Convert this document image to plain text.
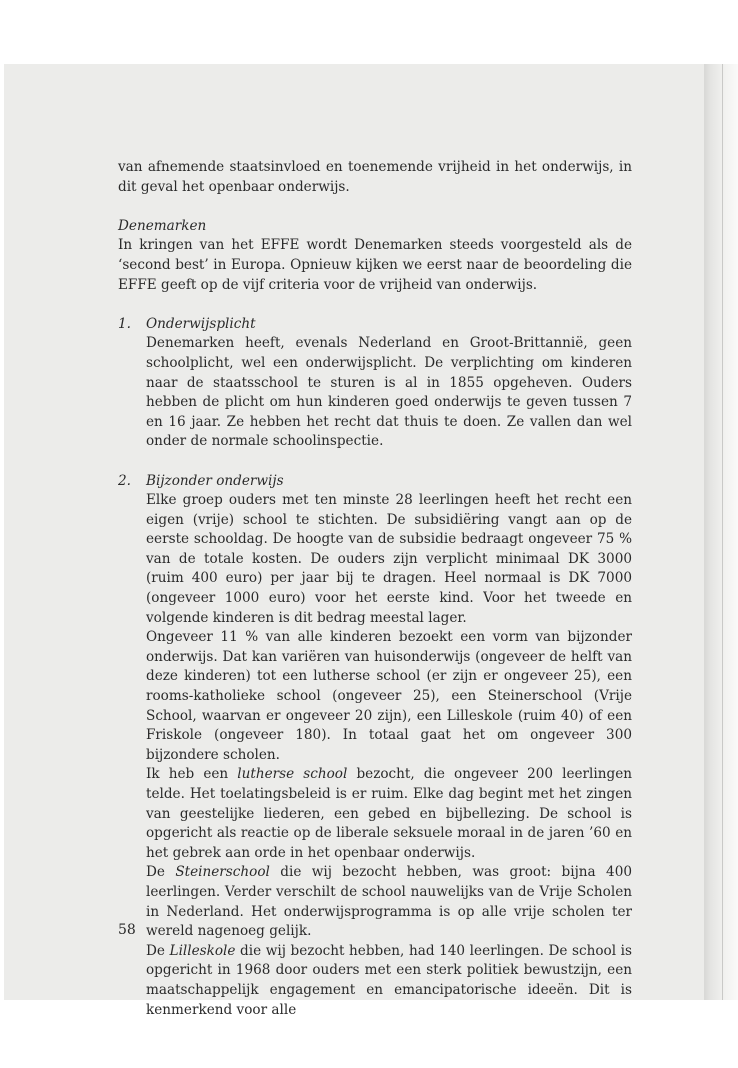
van afnemende staatsinvloed en toenemende vrijheid in het onderwijs, in dit geval het openbaar onderwijs.

Denemarken

In kringen van het EFFE wordt Denemarken steeds voorgesteld als de ‘second best’ in Europa. Opnieuw kijken we eerst naar de beoordeling die EFFE geeft op de vijf criteria voor de vrijheid van onderwijs.

1. Onderwijsplicht

Denemarken heeft, evenals Nederland en Groot-Brittannië, geen schoolplicht, wel een onderwijsplicht. De verplichting om kinderen naar de staatsschool te sturen is al in 1855 opgeheven. Ouders hebben de plicht om hun kinderen goed onderwijs te geven tussen 7 en 16 jaar. Ze hebben het recht dat thuis te doen. Ze vallen dan wel onder de normale schoolinspectie.

2. Bijzonder onderwijs

Elke groep ouders met ten minste 28 leerlingen heeft het recht een eigen (vrije) school te stichten. De subsidiëring vangt aan op de eerste schooldag. De hoogte van de subsidie bedraagt ongeveer 75 % van de totale kosten. De ouders zijn verplicht minimaal DK 3000 (ruim 400 euro) per jaar bij te dragen. Heel normaal is DK 7000 (ongeveer 1000 euro) voor het eerste kind. Voor het tweede en volgende kinderen is dit bedrag meestal lager.

Ongeveer 11 % van alle kinderen bezoekt een vorm van bijzonder onderwijs. Dat kan variëren van huisonderwijs (ongeveer de helft van deze kinderen) tot een lutherse school (er zijn er ongeveer 25), een rooms-katholieke school (ongeveer 25), een Steinerschool (Vrije School, waarvan er ongeveer 20 zijn), een Lilleskole (ruim 40) of een Friskole (ongeveer 180). In totaal gaat het om ongeveer 300 bijzondere scholen.

Ik heb een lutherse school bezocht, die ongeveer 200 leerlingen telde. Het toelatingsbeleid is er ruim. Elke dag begint met het zingen van geestelijke liederen, een gebed en bijbellezing. De school is opgericht als reactie op de liberale seksuele moraal in de jaren ’60 en het gebrek aan orde in het openbaar onderwijs.

De Steinerschool die wij bezocht hebben, was groot: bijna 400 leerlingen. Verder verschilt de school nauwelijks van de Vrije Scholen in Nederland. Het onderwijsprogramma is op alle vrije scholen ter wereld nagenoeg gelijk.

De Lilleskole die wij bezocht hebben, had 140 leerlingen. De school is opgericht in 1968 door ouders met een sterk politiek bewustzijn, een maatschappelijk engagement en emancipatorische ideeën. Dit is kenmerkend voor alle

58
